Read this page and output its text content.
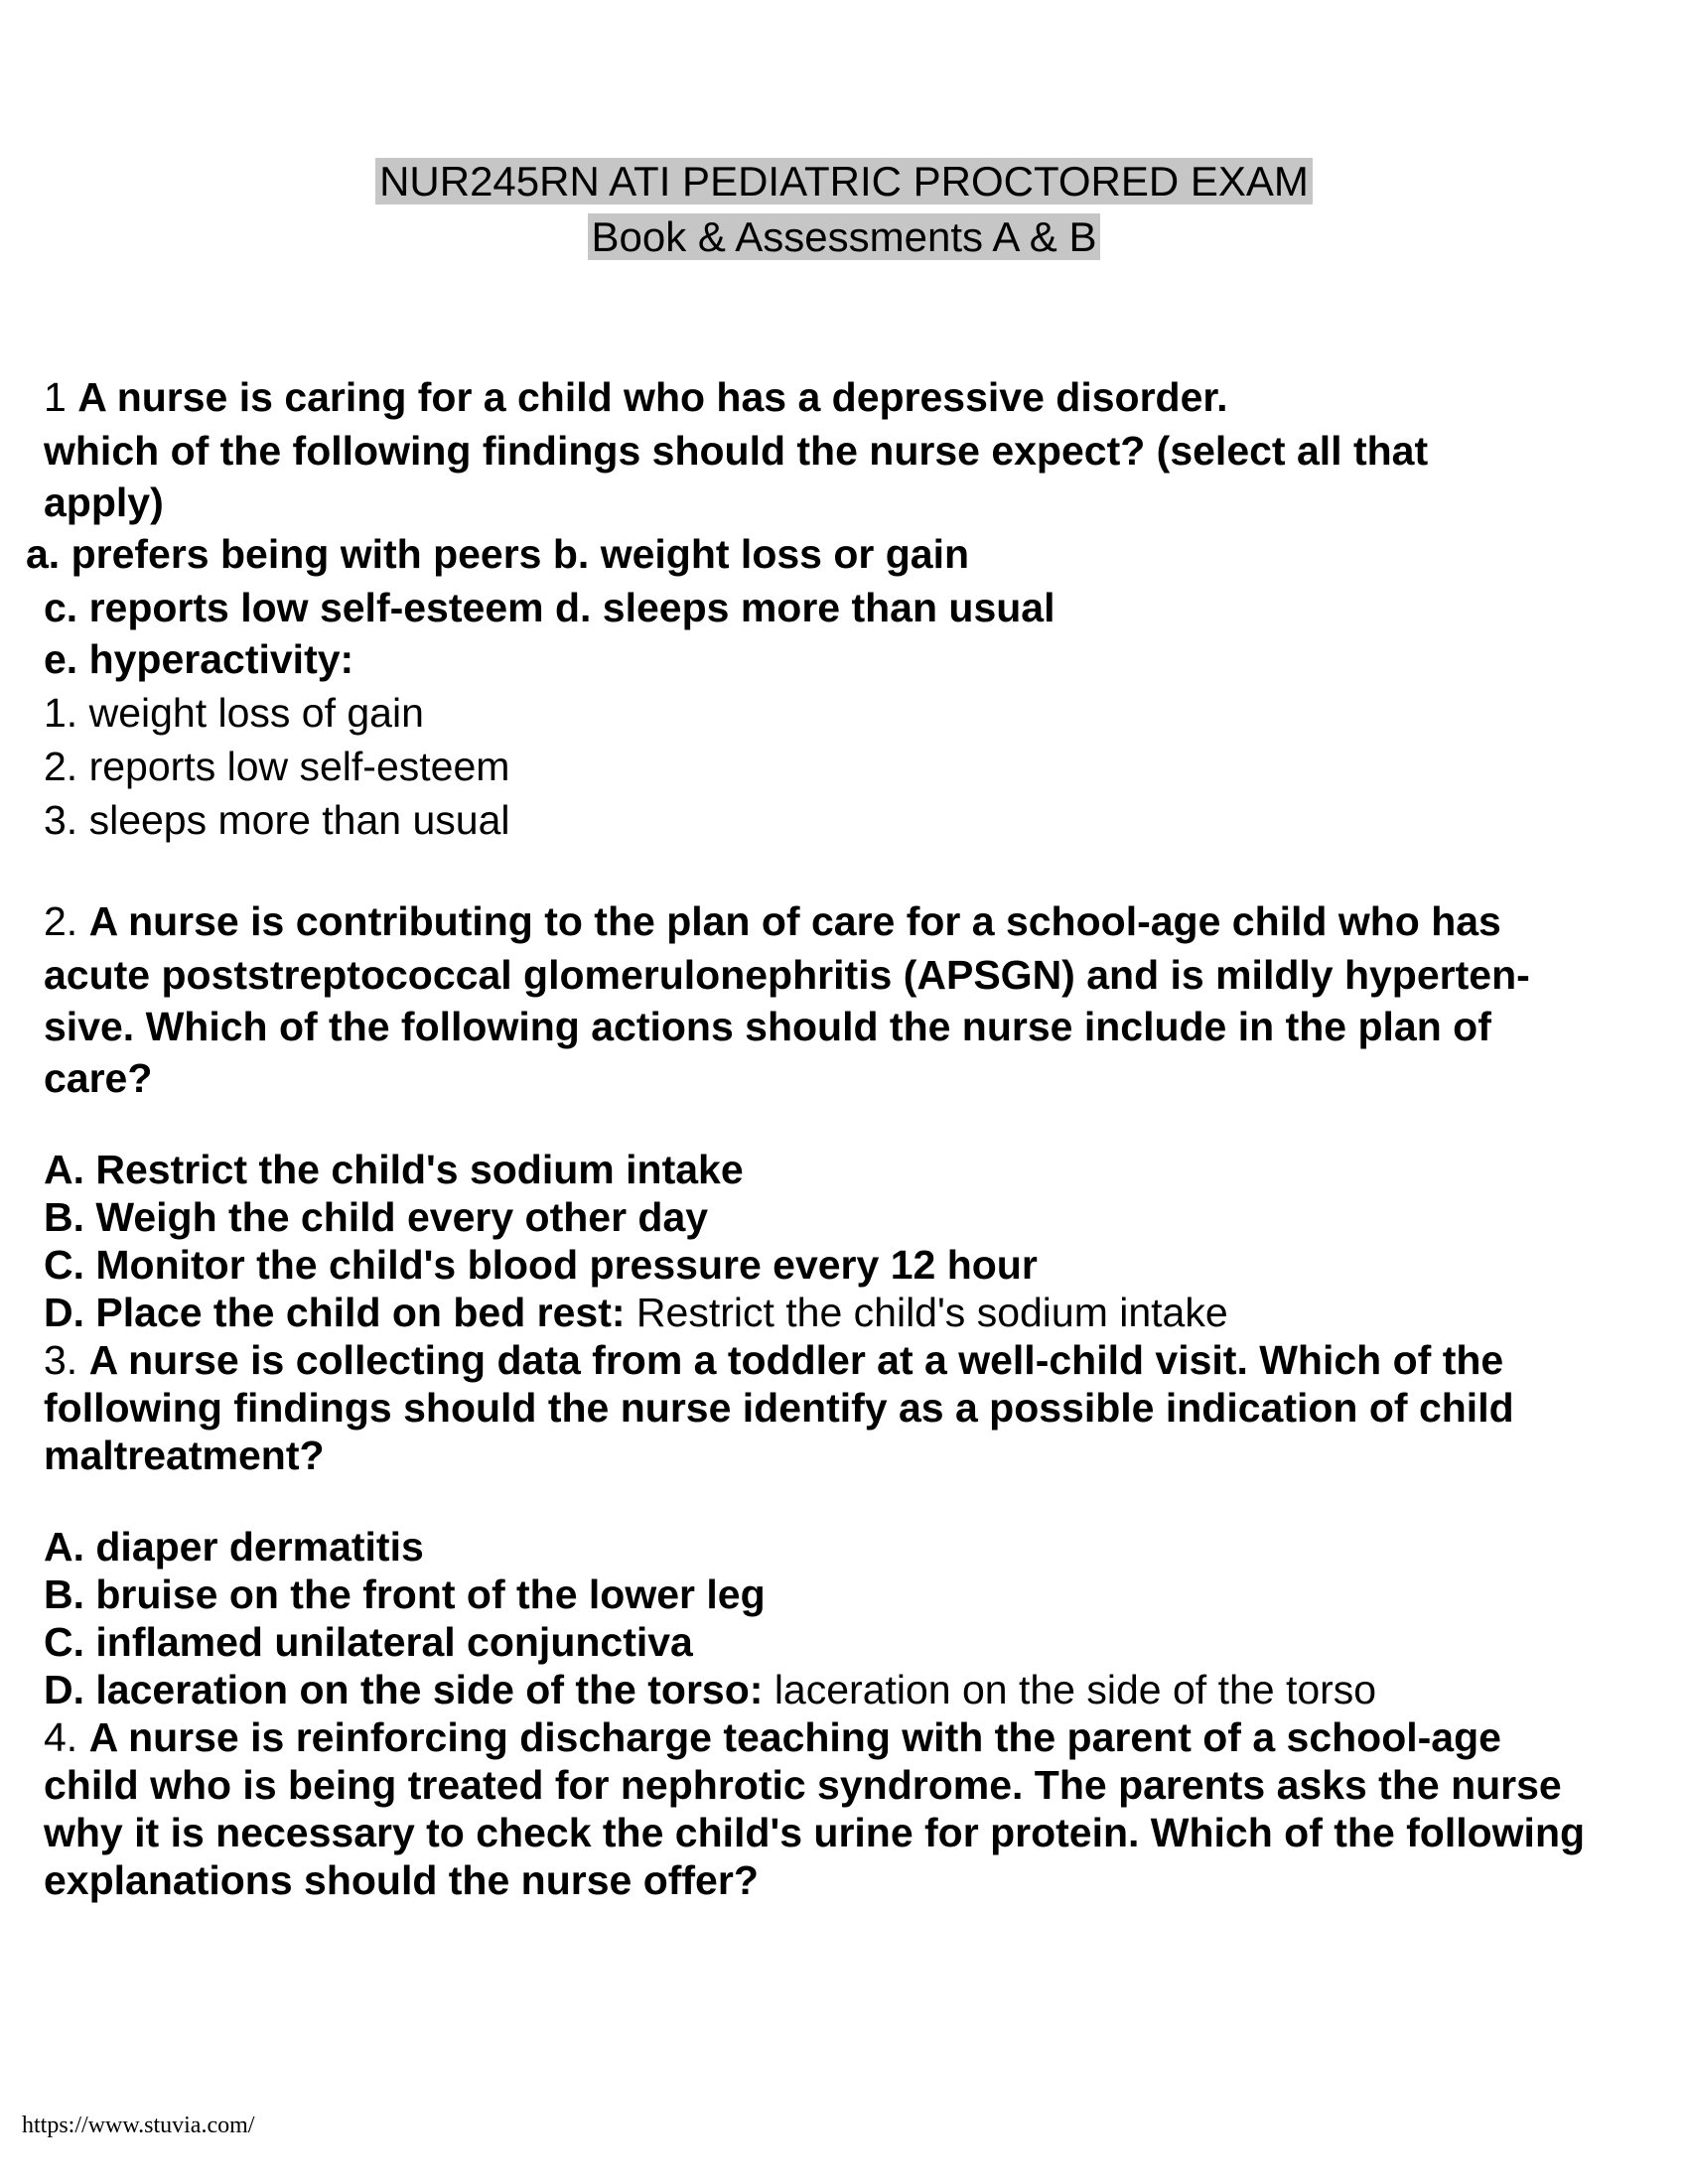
NUR245RN ATI PEDIATRIC PROCTORED EXAM
Book & Assessments A & B
1 A nurse is caring for a child who has a depressive disorder.
which of the following findings should the nurse expect? (select all that
apply)
a. prefers being with peers b. weight loss or gain
c. reports low self-esteem d. sleeps more than usual
e. hyperactivity:
1. weight loss of gain
2. reports low self-esteem
3. sleeps more than usual
2. A nurse is contributing to the plan of care for a school-age child who has
acute poststreptococcal glomerulonephritis (APSGN) and is mildly hyperten-
sive. Which of the following actions should the nurse include in the plan of
care?
A. Restrict the child's sodium intake
B. Weigh the child every other day
C. Monitor the child's blood pressure every 12 hour
D. Place the child on bed rest: Restrict the child's sodium intake
3. A nurse is collecting data from a toddler at a well-child visit. Which of the
following findings should the nurse identify as a possible indication of child
maltreatment?
A. diaper dermatitis
B. bruise on the front of the lower leg
C. inflamed unilateral conjunctiva
D. laceration on the side of the torso: laceration on the side of the torso
4. A nurse is reinforcing discharge teaching with the parent of a school-age
child who is being treated for nephrotic syndrome. The parents asks the nurse
why it is necessary to check the child's urine for protein. Which of the following
explanations should the nurse offer?
https://www.stuvia.com/
